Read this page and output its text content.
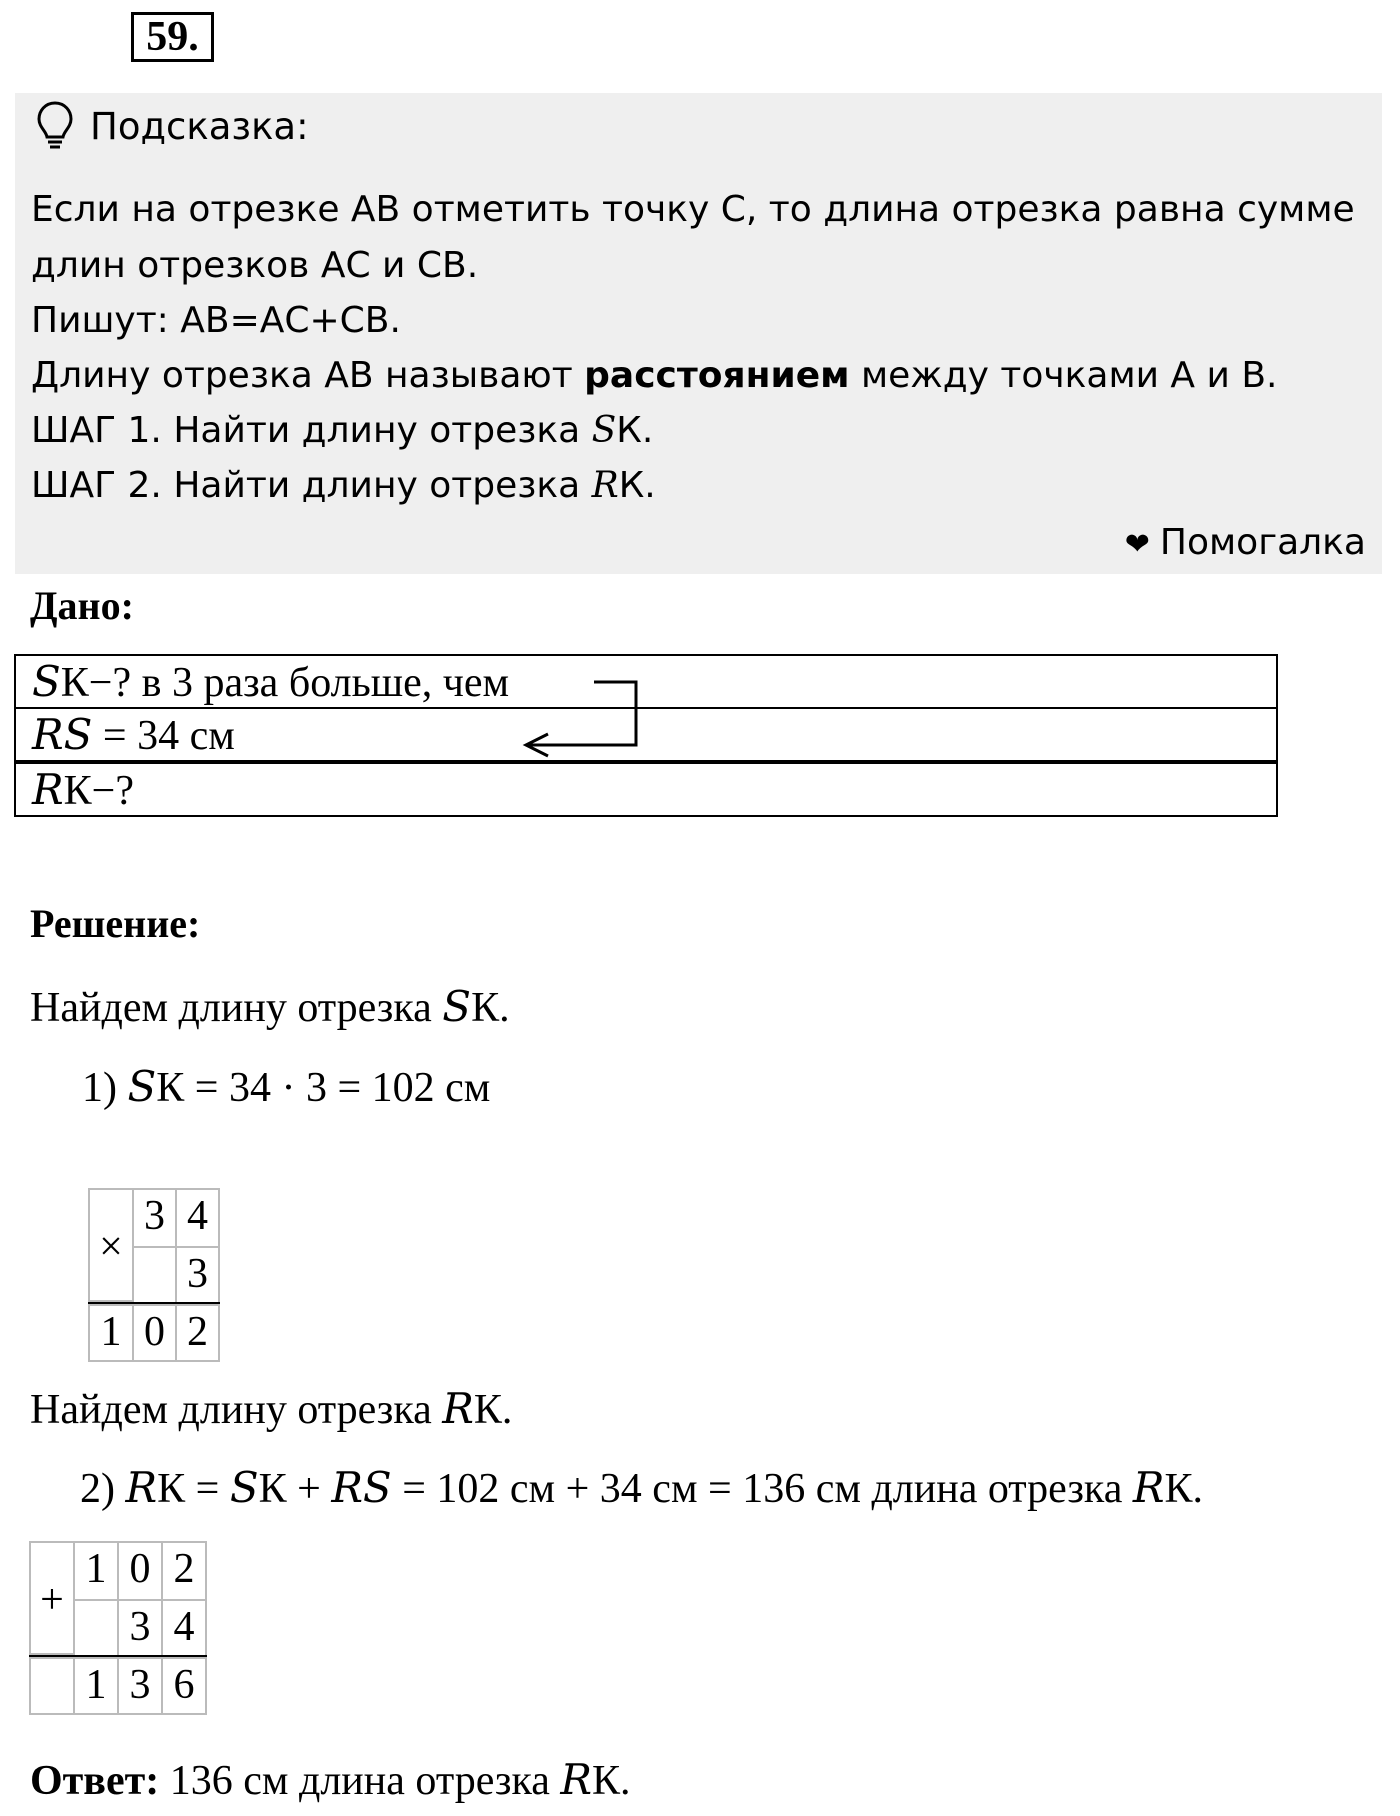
59.
Подсказка:
Если на отрезке АВ отметить точку С, то длина отрезка равна сумме
длин отрезков АС и СВ.
Пишут: АВ=АС+СВ.
Длину отрезка АВ называют расстоянием между точками А и В.
ШАГ 1. Найти длину отрезка SК.
ШАГ 2. Найти длину отрезка RК.
❤ Помогалка
Дано:
SК−? в 3 раза больше, чем
RS = 34 см
RК−?
Решение:
Найдем длину отрезка SК.
1) SК = 34 · 3 = 102 см
×
3 4
3
1 0 2
Найдем длину отрезка RК.
2) RК = SК + RS = 102 см + 34 см = 136 см длина отрезка RК.
+
1 0 2
3 4
1 3 6
Ответ: 136 см длина отрезка RК.
